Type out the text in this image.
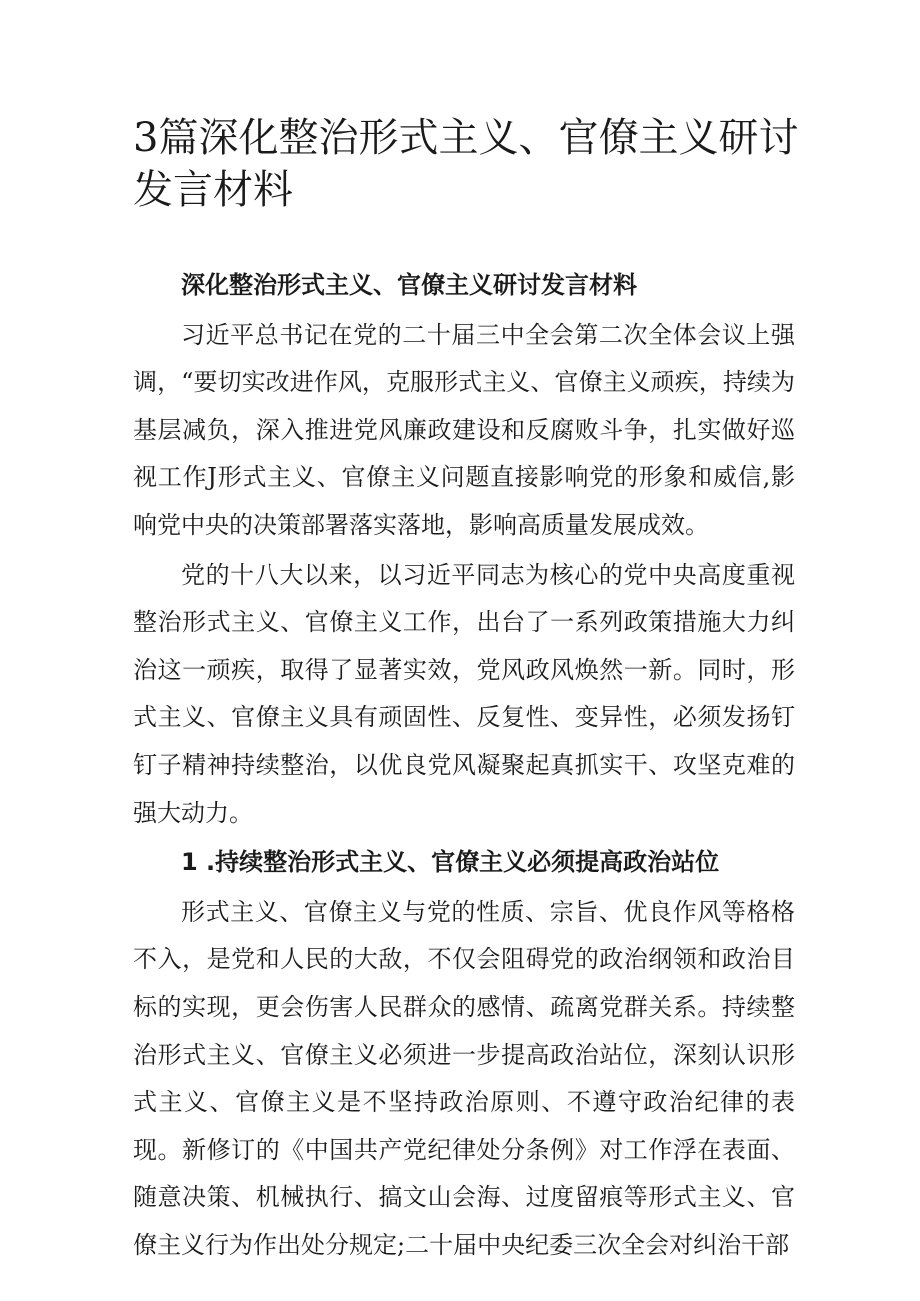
3篇深化整治形式主义、官僚主义研讨发言材料

深化整治形式主义、官僚主义研讨发言材料

习近平总书记在党的二十届三中全会第二次全体会议上强调，“要切实改进作风，克服形式主义、官僚主义顽疾，持续为基层减负，深入推进党风廉政建设和反腐败斗争，扎实做好巡视工作J形式主义、官僚主义问题直接影响党的形象和威信,影响党中央的决策部署落实落地，影响高质量发展成效。

党的十八大以来，以习近平同志为核心的党中央高度重视整治形式主义、官僚主义工作，出台了一系列政策措施大力纠治这一顽疾，取得了显著实效，党风政风焕然一新。同时，形式主义、官僚主义具有顽固性、反复性、变异性，必须发扬钉钉子精神持续整治，以优良党风凝聚起真抓实干、攻坚克难的强大动力。

1 .持续整治形式主义、官僚主义必须提高政治站位

形式主义、官僚主义与党的性质、宗旨、优良作风等格格不入，是党和人民的大敌，不仅会阻碍党的政治纲领和政治目标的实现，更会伤害人民群众的感情、疏离党群关系。持续整治形式主义、官僚主义必须进一步提高政治站位，深刻认识形式主义、官僚主义是不坚持政治原则、不遵守政治纪律的表现。新修订的《中国共产党纪律处分条例》对工作浮在表面、随意决策、机械执行、搞文山会海、过度留痕等形式主义、官僚主义行为作出处分规定;二十届中央纪委三次全会对纠治干部
